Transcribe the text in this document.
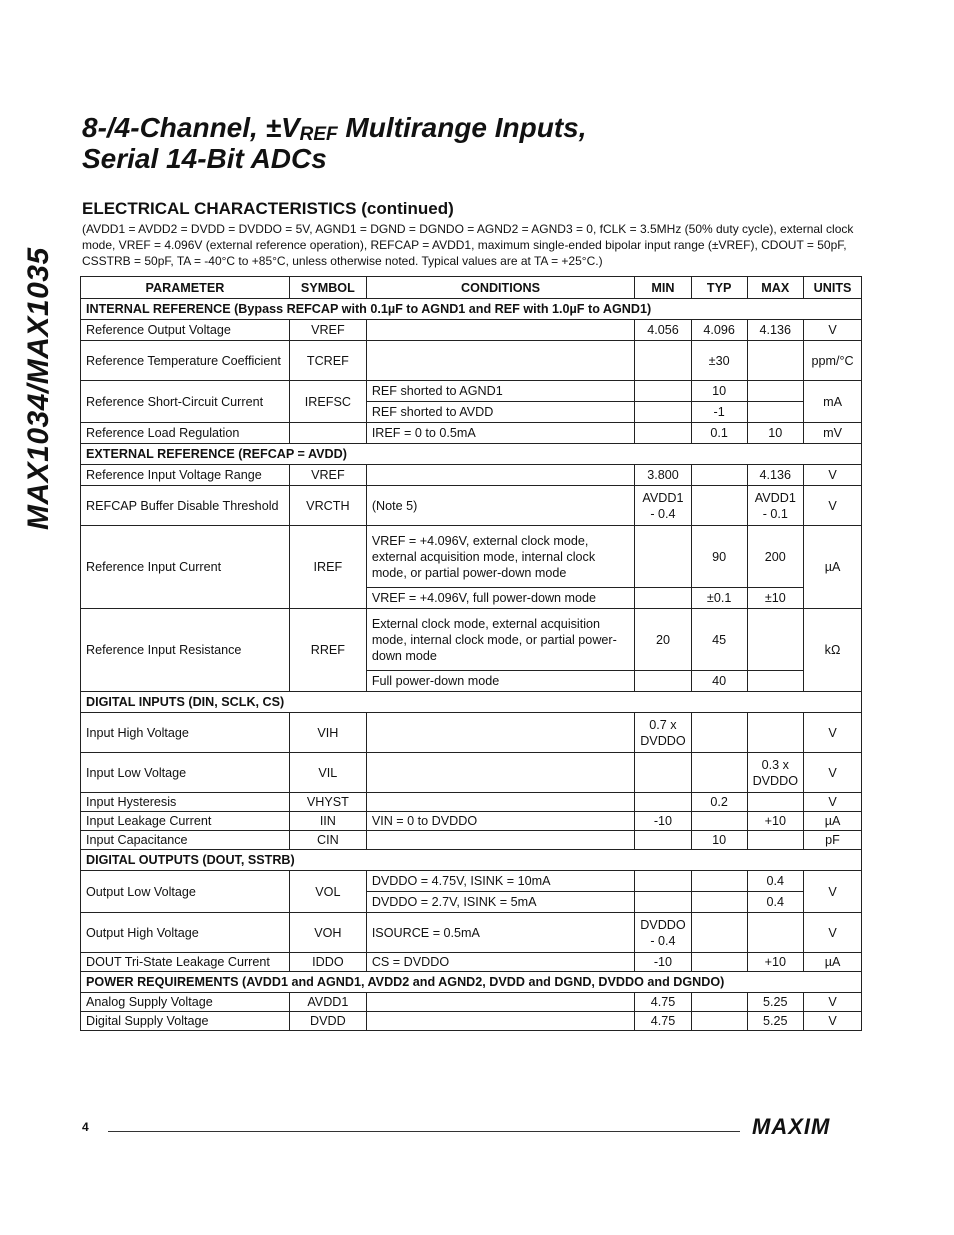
MAX1034/MAX1035
8-/4-Channel, $\pm V_{REF}$ Multirange Inputs,
Serial 14-Bit ADCs
ELECTRICAL CHARACTERISTICS (continued)
(AVDD1 = AVDD2 = DVDD = DVDDO = 5V, AGND1 = DGND = DGNDO = AGND2 = AGND3 = 0, fCLK = 3.5MHz (50% duty cycle), external clock mode, VREF = 4.096V (external reference operation), REFCAP = AVDD1, maximum single-ended bipolar input range (±VREF), CDOUT = 50pF, CSSTRB = 50pF, TA = -40°C to +85°C, unless otherwise noted. Typical values are at TA = +25°C.)
PARAMETER	SYMBOL	CONDITIONS	MIN	TYP	MAX	UNITS
INTERNAL REFERENCE (Bypass REFCAP with 0.1µF to AGND1 and REF with 1.0µF to AGND1)						
Reference Output Voltage	VREF		4.056	4.096	4.136	V
Reference Temperature Coefficient	TCREF			±30		ppm/°C
Reference Short-Circuit Current	IREFSC	REF shorted to AGND1		10		mA
		REF shorted to AVDD		-1		
Reference Load Regulation		IREF = 0 to 0.5mA		0.1	10	mV
EXTERNAL REFERENCE (REFCAP = AVDD)						
Reference Input Voltage Range	VREF		3.800		4.136	V
REFCAP Buffer Disable Threshold	VRCTH	(Note 5)	AVDD1 - 0.4		AVDD1 - 0.1	V
Reference Input Current	IREF	VREF = +4.096V, external clock mode, external acquisition mode, internal clock mode, or partial power-down mode		90	200	µA
		VREF = +4.096V, full power-down mode		±0.1	±10	
Reference Input Resistance	RREF	External clock mode, external acquisition mode, internal clock mode, or partial power-down mode	20	45		kΩ
		Full power-down mode		40		
DIGITAL INPUTS (DIN, SCLK, CS)						
Input High Voltage	VIH		0.7 x DVDDO			V
Input Low Voltage	VIL				0.3 x DVDDO	V
Input Hysteresis	VHYST			0.2		V
Input Leakage Current	IIN	VIN = 0 to DVDDO	-10		+10	µA
Input Capacitance	CIN			10		pF
DIGITAL OUTPUTS (DOUT, SSTRB)						
Output Low Voltage	VOL	DVDDO = 4.75V, ISINK = 10mA			0.4	V
		DVDDO = 2.7V, ISINK = 5mA			0.4	
Output High Voltage	VOH	ISOURCE = 0.5mA	DVDDO - 0.4			V
DOUT Tri-State Leakage Current	IDDO	CS = DVDDO	-10		+10	µA
POWER REQUIREMENTS (AVDD1 and AGND1, AVDD2 and AGND2, DVDD and DGND, DVDDO and DGNDO)						
Analog Supply Voltage	AVDD1		4.75		5.25	V
Digital Supply Voltage	DVDD		4.75		5.25	V
4	MAXIM
